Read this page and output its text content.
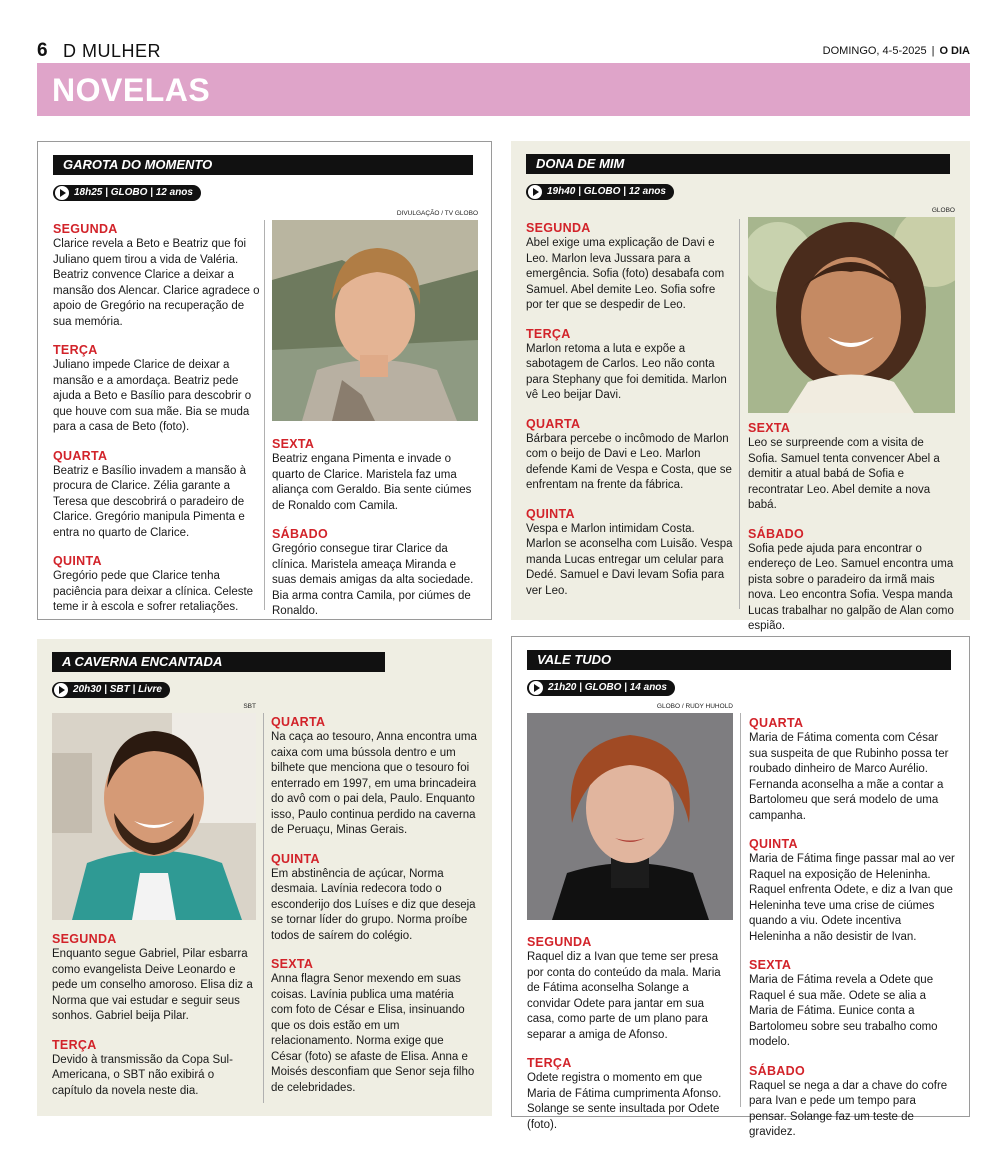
6 D MULHER	DOMINGO, 4-5-2025 | O DIA
NOVELAS
GAROTA DO MOMENTO
18h25 | GLOBO | 12 anos
SEGUNDA
Clarice revela a Beto e Beatriz que foi Juliano quem tirou a vida de Valéria. Beatriz convence Clarice a deixar a mansão dos Alencar. Clarice agradece o apoio de Gregório na recuperação de sua memória.
TERÇA
Juliano impede Clarice de deixar a mansão e a amordaça. Beatriz pede ajuda a Beto e Basílio para descobrir o que houve com sua mãe. Bia se muda para a casa de Beto (foto).
QUARTA
Beatriz e Basílio invadem a mansão à procura de Clarice. Zélia garante a Teresa que descobrirá o paradeiro de Clarice. Gregório manipula Pimenta e entra no quarto de Clarice.
QUINTA
Gregório pede que Clarice tenha paciência para deixar a clínica. Celeste teme ir à escola e sofrer retaliações.
DIVULGAÇÃO / TV GLOBO
SEXTA
Beatriz engana Pimenta e invade o quarto de Clarice. Maristela faz uma aliança com Geraldo. Bia sente ciúmes de Ronaldo com Camila.
SÁBADO
Gregório consegue tirar Clarice da clínica. Maristela ameaça Miranda e suas demais amigas da alta sociedade. Bia arma contra Camila, por ciúmes de Ronaldo.
DONA DE MIM
19h40 | GLOBO | 12 anos
SEGUNDA
Abel exige uma explicação de Davi e Leo. Marlon leva Jussara para a emergência. Sofia (foto) desabafa com Samuel. Abel demite Leo. Sofia sofre por ter que se despedir de Leo.
TERÇA
Marlon retoma a luta e expõe a sabotagem de Carlos. Leo não conta para Stephany que foi demitida. Marlon vê Leo beijar Davi.
QUARTA
Bárbara percebe o incômodo de Marlon com o beijo de Davi e Leo. Marlon defende Kami de Vespa e Costa, que se enfrentam na frente da fábrica.
QUINTA
Vespa e Marlon intimidam Costa. Marlon se aconselha com Luisão. Vespa manda Lucas entregar um celular para Dedé. Samuel e Davi levam Sofia para ver Leo.
GLOBO
SEXTA
Leo se surpreende com a visita de Sofia. Samuel tenta convencer Abel a demitir a atual babá de Sofia e recontratar Leo. Abel demite a nova babá.
SÁBADO
Sofia pede ajuda para encontrar o endereço de Leo. Samuel encontra uma pista sobre o paradeiro da irmã mais nova. Leo encontra Sofia. Vespa manda Lucas trabalhar no galpão de Alan como espião.
A CAVERNA ENCANTADA
20h30 | SBT | Livre
SBT
SEGUNDA
Enquanto segue Gabriel, Pilar esbarra como evangelista Deive Leonardo e pede um conselho amoroso. Elisa diz a Norma que vai estudar e seguir seus sonhos. Gabriel beija Pilar.
TERÇA
Devido à transmissão da Copa Sul-Americana, o SBT não exibirá o capítulo da novela neste dia.
QUARTA
Na caça ao tesouro, Anna encontra uma caixa com uma bússola dentro e um bilhete que menciona que o tesouro foi enterrado em 1997, em uma brincadeira do avô com o pai dela, Paulo. Enquanto isso, Paulo continua perdido na caverna de Peruaçu, Minas Gerais.
QUINTA
Em abstinência de açúcar, Norma desmaia. Lavínia redecora todo o esconderijo dos Luíses e diz que deseja se tornar líder do grupo. Norma proíbe todos de saírem do colégio.
SEXTA
Anna flagra Senor mexendo em suas coisas. Lavínia publica uma matéria com foto de César e Elisa, insinuando que os dois estão em um relacionamento. Norma exige que César (foto) se afaste de Elisa. Anna e Moisés desconfiam que Senor seja filho de celebridades.
VALE TUDO
21h20 | GLOBO | 14 anos
GLOBO / RUDY HUHOLD
SEGUNDA
Raquel diz a Ivan que teme ser presa por conta do conteúdo da mala. Maria de Fátima aconselha Solange a convidar Odete para jantar em sua casa, como parte de um plano para separar a amiga de Afonso.
TERÇA
Odete registra o momento em que Maria de Fátima cumprimenta Afonso. Solange se sente insultada por Odete (foto).
QUARTA
Maria de Fátima comenta com César sua suspeita de que Rubinho possa ter roubado dinheiro de Marco Aurélio. Fernanda aconselha a mãe a contar a Bartolomeu que será modelo de uma campanha.
QUINTA
Maria de Fátima finge passar mal ao ver Raquel na exposição de Heleninha. Raquel enfrenta Odete, e diz a Ivan que Heleninha teve uma crise de ciúmes quando a viu. Odete incentiva Heleninha a não desistir de Ivan.
SEXTA
Maria de Fátima revela a Odete que Raquel é sua mãe. Odete se alia a Maria de Fátima. Eunice conta a Bartolomeu sobre seu trabalho como modelo.
SÁBADO
Raquel se nega a dar a chave do cofre para Ivan e pede um tempo para pensar. Solange faz um teste de gravidez.
